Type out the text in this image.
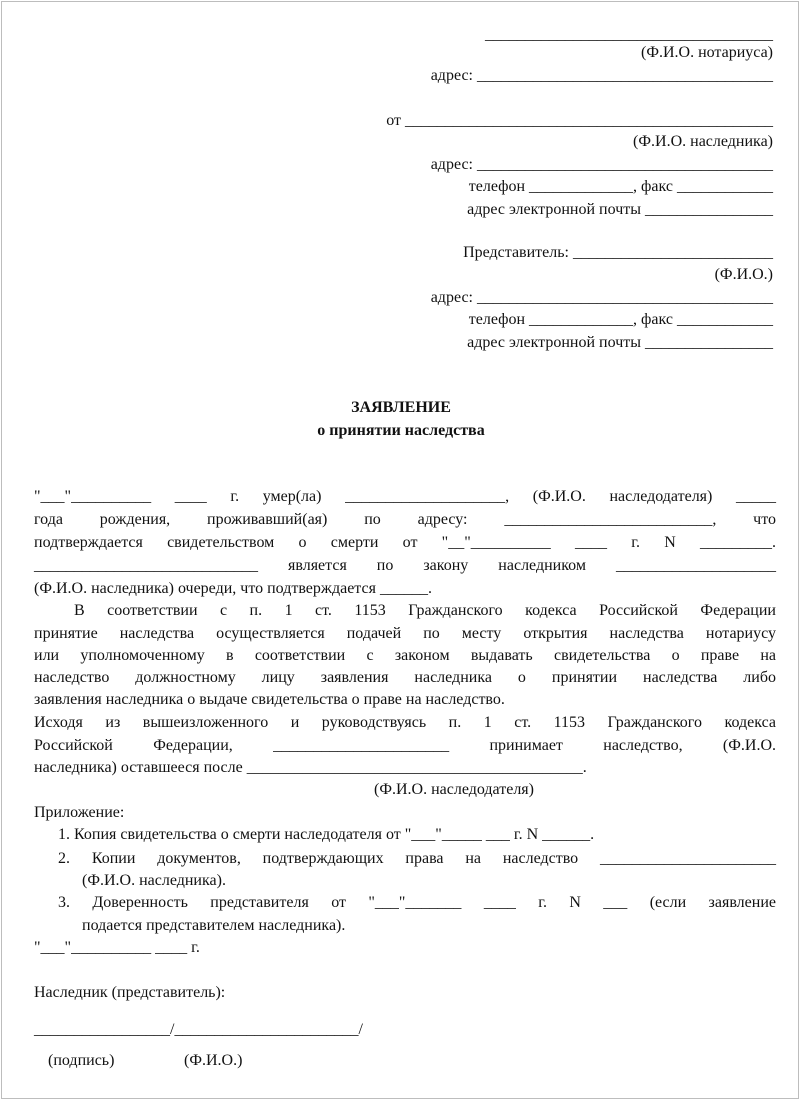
____________________________________
(Ф.И.О. нотариуса)
адрес: _____________________________________
от ______________________________________________
(Ф.И.О. наследника)
адрес: _____________________________________
телефон _____________, факс ____________
адрес электронной почты ________________
Представитель: _________________________
(Ф.И.О.)
адрес: _____________________________________
телефон _____________, факс ____________
адрес электронной почты ________________
ЗАЯВЛЕНИЕ
о принятии наследства
"___"__________ ____ г. умер(ла) ____________________, (Ф.И.О. наследодателя) _____
года рождения, проживавший(ая) по адресу: __________________________, что
подтверждается свидетельством о смерти от "__"__________ ____ г. N _________.
____________________________ является по закону наследником ____________________
(Ф.И.О. наследника) очереди, что подтверждается ______.
В соответствии с п. 1 ст. 1153 Гражданского кодекса Российской Федерации
принятие наследства осуществляется подачей по месту открытия наследства нотариусу
или уполномоченному в соответствии с законом выдавать свидетельства о праве на
наследство должностному лицу заявления наследника о принятии наследства либо
заявления наследника о выдаче свидетельства о праве на наследство.
Исходя из вышеизложенного и руководствуясь п. 1 ст. 1153 Гражданского кодекса
Российской Федерации, ______________________ принимает наследство, (Ф.И.О.
наследника) оставшееся после __________________________________________.
(Ф.И.О. наследодателя)
Приложение:
1. Копия свидетельства о смерти наследодателя от "___"_____ ___ г. N ______.
2. Копии документов, подтверждающих права на наследство ______________________
(Ф.И.О. наследника).
3. Доверенность представителя от "___"_______ ____ г. N ___ (если заявление
подается представителем наследника).
"___"__________ ____ г.
Наследник (представитель):
_________________/_______________________/
(подпись)	(Ф.И.О.)
